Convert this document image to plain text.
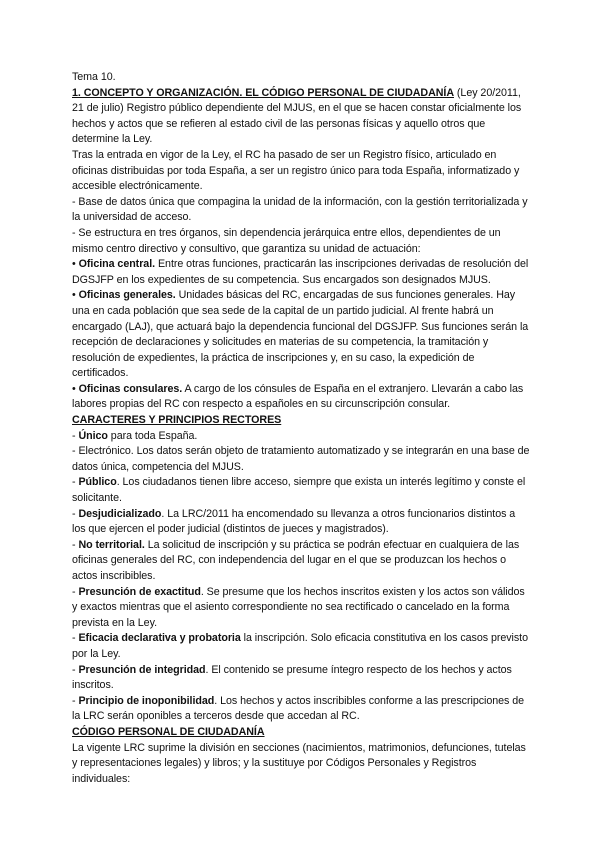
Tema 10.

1. CONCEPTO Y ORGANIZACIÓN. EL CÓDIGO PERSONAL DE CIUDADANÍA (Ley 20/2011, 21 de julio) Registro público dependiente del MJUS, en el que se hacen constar oficialmente los hechos y actos que se refieren al estado civil de las personas físicas y aquello otros que determine la Ley.

Tras la entrada en vigor de la Ley, el RC ha pasado de ser un Registro físico, articulado en oficinas distribuidas por toda España, a ser un registro único para toda España, informatizado y accesible electrónicamente.

- Base de datos única que compagina la unidad de la información, con la gestión territorializada y la universidad de acceso.

- Se estructura en tres órganos, sin dependencia jerárquica entre ellos, dependientes de un mismo centro directivo y consultivo, que garantiza su unidad de actuación:

• Oficina central. Entre otras funciones, practicarán las inscripciones derivadas de resolución del DGSJFP en los expedientes de su competencia. Sus encargados son designados MJUS.

• Oficinas generales. Unidades básicas del RC, encargadas de sus funciones generales. Hay una en cada población que sea sede de la capital de un partido judicial. Al frente habrá un encargado (LAJ), que actuará bajo la dependencia funcional del DGSJFP. Sus funciones serán la recepción de declaraciones y solicitudes en materias de su competencia, la tramitación y resolución de expedientes, la práctica de inscripciones y, en su caso, la expedición de certificados.

• Oficinas consulares. A cargo de los cónsules de España en el extranjero. Llevarán a cabo las labores propias del RC con respecto a españoles en su circunscripción consular.

CARACTERES Y PRINCIPIOS RECTORES

- Único para toda España.

- Electrónico. Los datos serán objeto de tratamiento automatizado y se integrarán en una base de datos única, competencia del MJUS.

- Público. Los ciudadanos tienen libre acceso, siempre que exista un interés legítimo y conste el solicitante.

- Desjudicializado. La LRC/2011 ha encomendado su llevanza a otros funcionarios distintos a los que ejercen el poder judicial (distintos de jueces y magistrados).

- No territorial. La solicitud de inscripción y su práctica se podrán efectuar en cualquiera de las oficinas generales del RC, con independencia del lugar en el que se produzcan los hechos o actos inscribibles.

- Presunción de exactitud. Se presume que los hechos inscritos existen y los actos son válidos y exactos mientras que el asiento correspondiente no sea rectificado o cancelado en la forma prevista en la Ley.

- Eficacia declarativa y probatoria la inscripción. Solo eficacia constitutiva en los casos previsto por la Ley.

- Presunción de integridad. El contenido se presume íntegro respecto de los hechos y actos inscritos.

- Principio de inoponibilidad. Los hechos y actos inscribibles conforme a las prescripciones de la LRC serán oponibles a terceros desde que accedan al RC.

CÓDIGO PERSONAL DE CIUDADANÍA

La vigente LRC suprime la división en secciones (nacimientos, matrimonios, defunciones, tutelas y representaciones legales) y libros; y la sustituye por Códigos Personales y Registros individuales:
